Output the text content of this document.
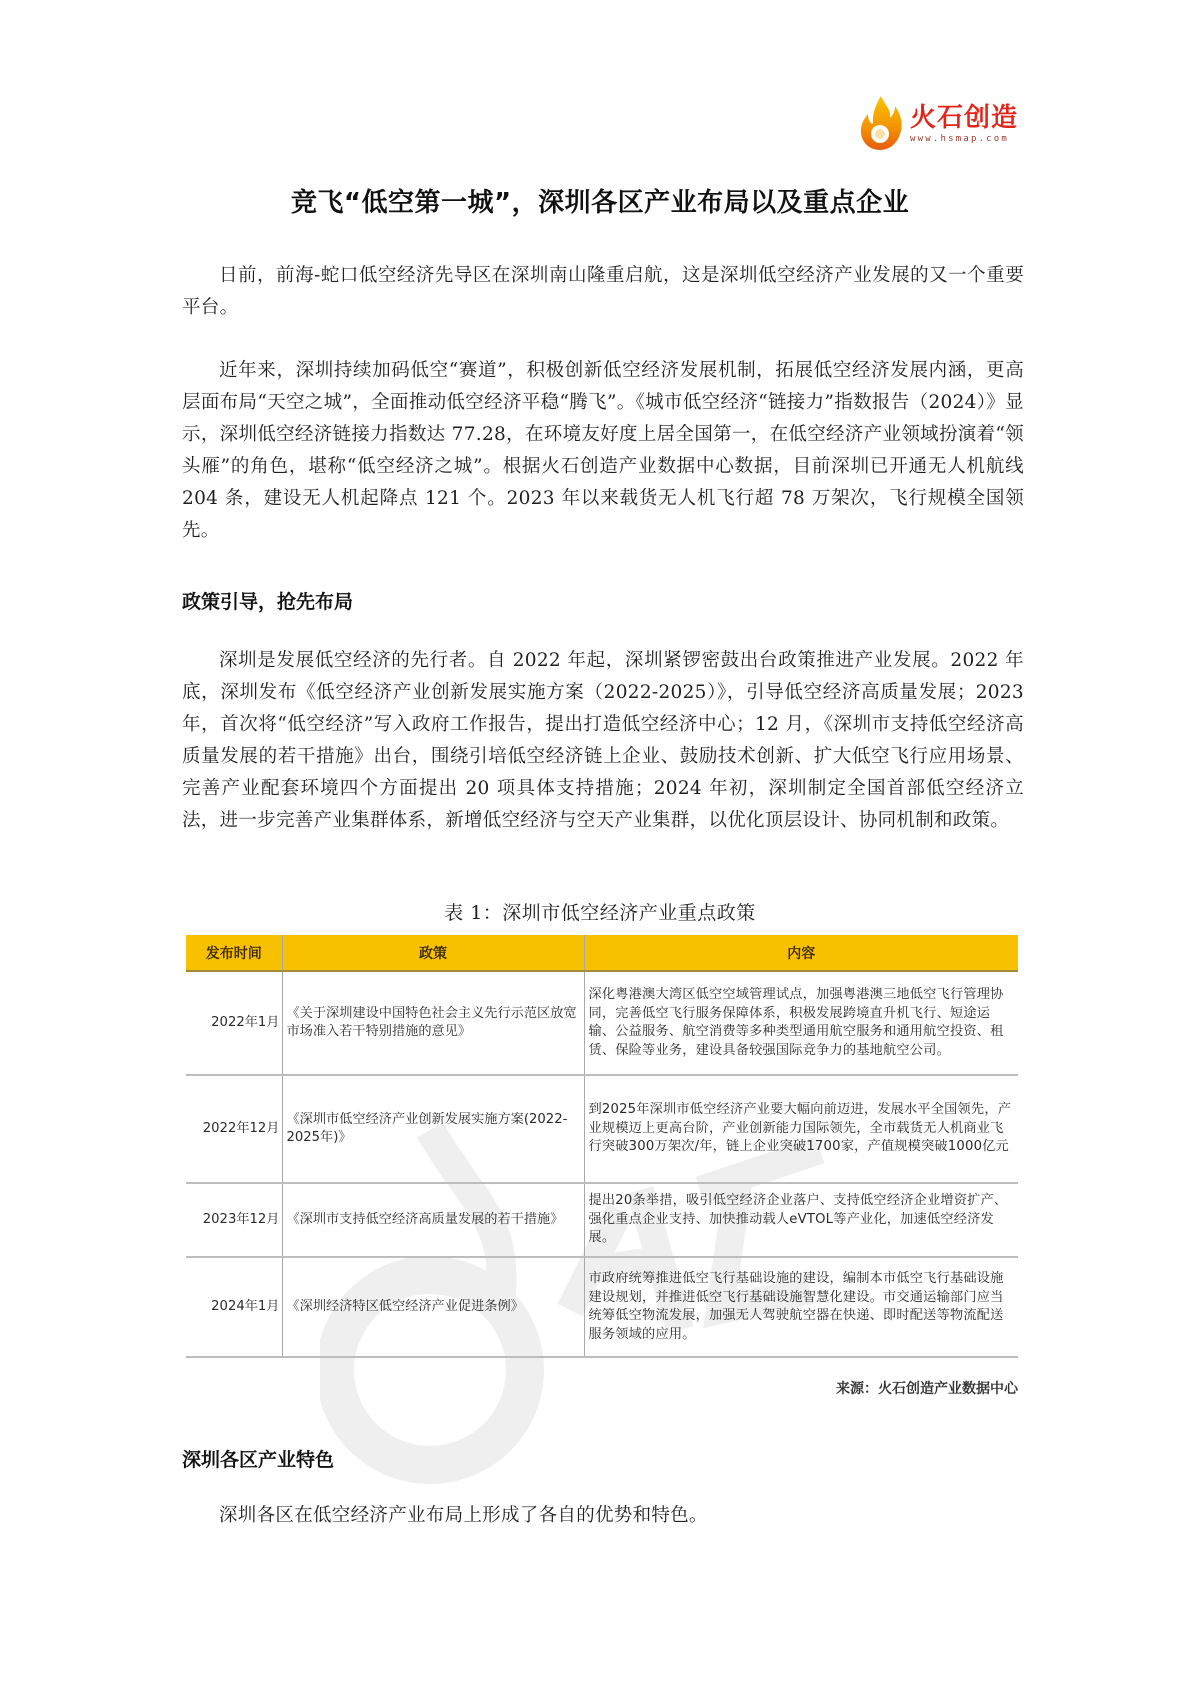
火石创造
www.hsmap.com
竞飞“低空第一城”，深圳各区产业布局以及重点企业

日前，前海-蛇口低空经济先导区在深圳南山隆重启航，这是深圳低空经济产业发展的又一个重要平台。

近年来，深圳持续加码低空“赛道”，积极创新低空经济发展机制，拓展低空经济发展内涵，更高层面布局“天空之城”，全面推动低空经济平稳“腾飞”。《城市低空经济“链接力”指数报告（2024）》显示，深圳低空经济链接力指数达 77.28，在环境友好度上居全国第一，在低空经济产业领域扮演着“领头雁”的角色，堪称“低空经济之城”。根据火石创造产业数据中心数据，目前深圳已开通无人机航线 204 条，建设无人机起降点 121 个。2023 年以来载货无人机飞行超 78 万架次，飞行规模全国领先。

政策引导，抢先布局

深圳是发展低空经济的先行者。自 2022 年起，深圳紧锣密鼓出台政策推进产业发展。2022 年底，深圳发布《低空经济产业创新发展实施方案（2022-2025）》，引导低空经济高质量发展；2023 年，首次将“低空经济”写入政府工作报告，提出打造低空经济中心；12 月，《深圳市支持低空经济高质量发展的若干措施》出台，围绕引培低空经济链上企业、鼓励技术创新、扩大低空飞行应用场景、完善产业配套环境四个方面提出 20 项具体支持措施；2024 年初，深圳制定全国首部低空经济立法，进一步完善产业集群体系，新增低空经济与空天产业集群，以优化顶层设计、协同机制和政策。

表 1：深圳市低空经济产业重点政策
发布时间	政策	内容
2022年1月	《关于深圳建设中国特色社会主义先行示范区放宽市场准入若干特别措施的意见》	深化粤港澳大湾区低空空域管理试点，加强粤港澳三地低空飞行管理协同，完善低空飞行服务保障体系，积极发展跨境直升机飞行、短途运输、公益服务、航空消费等多种类型通用航空服务和通用航空投资、租赁、保险等业务，建设具备较强国际竞争力的基地航空公司。
2022年12月	《深圳市低空经济产业创新发展实施方案(2022-2025年)》	到2025年深圳市低空经济产业要大幅向前迈进，发展水平全国领先，产业规模迈上更高台阶，产业创新能力国际领先，全市载货无人机商业飞行突破300万架次/年，链上企业突破1700家，产值规模突破1000亿元
2023年12月	《深圳市支持低空经济高质量发展的若干措施》	提出20条举措，吸引低空经济企业落户、支持低空经济企业增资扩产、强化重点企业支持、加快推动载人eVTOL等产业化，加速低空经济发展。
2024年1月	《深圳经济特区低空经济产业促进条例》	市政府统筹推进低空飞行基础设施的建设，编制本市低空飞行基础设施建设规划，并推进低空飞行基础设施智慧化建设。市交通运输部门应当统筹低空物流发展，加强无人驾驶航空器在快递、即时配送等物流配送服务领域的应用。
来源：火石创造产业数据中心
深圳各区产业特色

深圳各区在低空经济产业布局上形成了各自的优势和特色。
